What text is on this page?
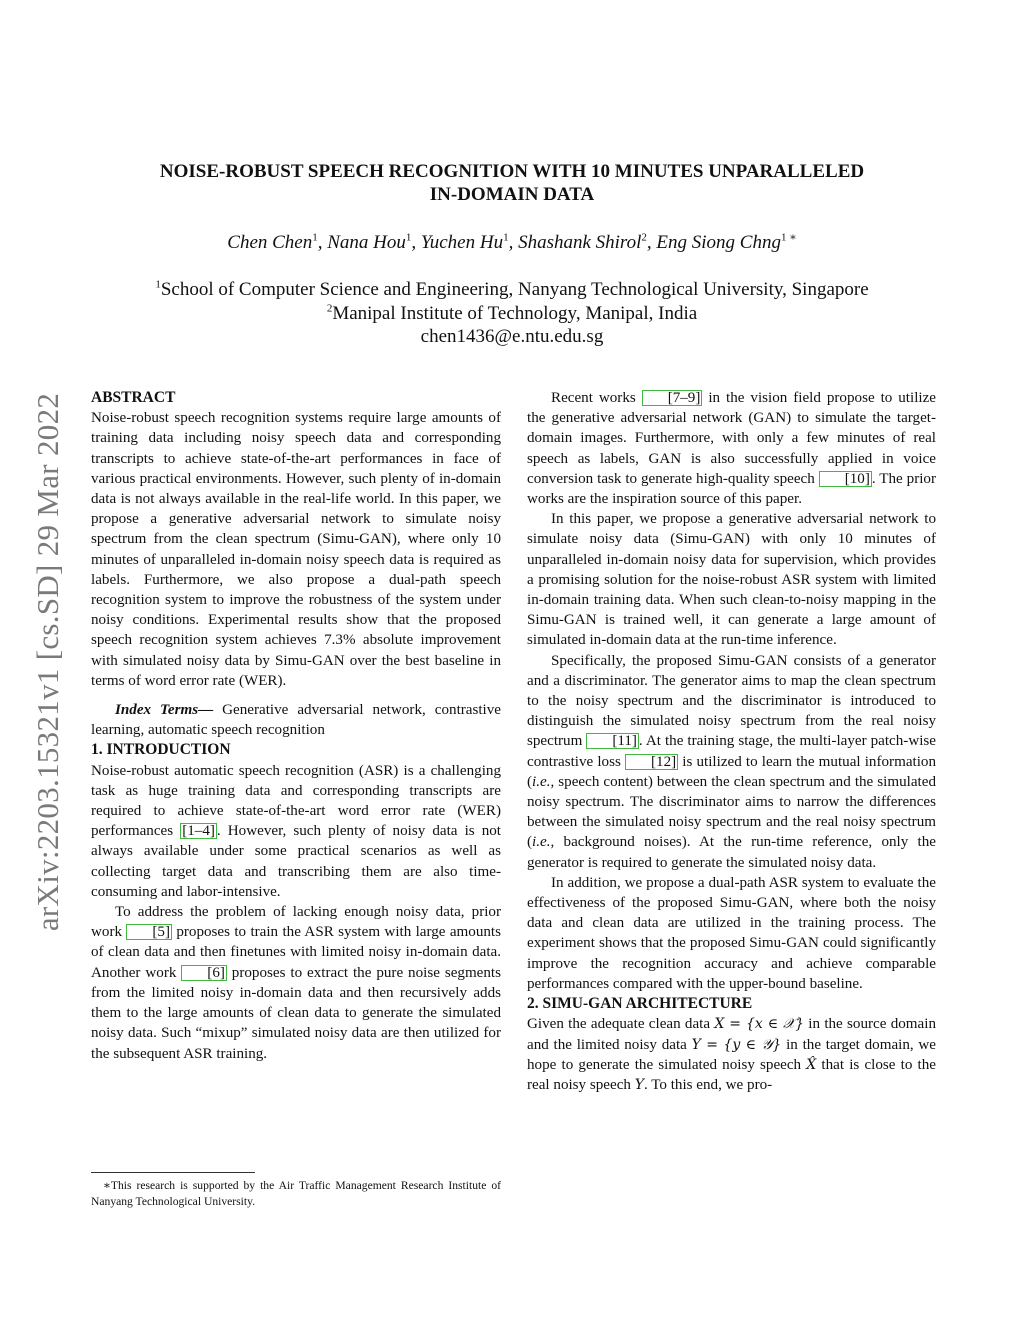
arXiv:2203.15321v1 [cs.SD] 29 Mar 2022
NOISE-ROBUST SPEECH RECOGNITION WITH 10 MINUTES UNPARALLELED
IN-DOMAIN DATA
Chen Chen$^1$, Nana Hou$^1$, Yuchen Hu$^1$, Shashank Shirol$^2$, Eng Siong Chng$^1$ ∗
$^1$School of Computer Science and Engineering, Nanyang Technological University, Singapore
$^2$Manipal Institute of Technology, Manipal, India
chen1436@e.ntu.edu.sg

ABSTRACT

Noise-robust speech recognition systems require large amounts of training data including noisy speech data and corresponding transcripts to achieve state-of-the-art performances in face of various practical environments. However, such plenty of in-domain data is not always available in the real-life world. In this paper, we propose a generative adversarial network to simulate noisy spectrum from the clean spectrum (Simu-GAN), where only 10 minutes of unparalleled in-domain noisy speech data is required as labels. Furthermore, we also propose a dual-path speech recognition system to improve the robustness of the system under noisy conditions. Experimental results show that the proposed speech recognition system achieves 7.3% absolute improvement with simulated noisy data by Simu-GAN over the best baseline in terms of word error rate (WER).

Index Terms— Generative adversarial network, contrastive learning, automatic speech recognition

1. INTRODUCTION

Noise-robust automatic speech recognition (ASR) is a challenging task as huge training data and corresponding transcripts are required to achieve state-of-the-art word error rate (WER) performances [1–4] . However, such plenty of noisy data is not always available under some practical scenarios as well as collecting target data and transcribing them are also time-consuming and labor-intensive.

To address the problem of lacking enough noisy data, prior work [5] proposes to train the ASR system with large amounts of clean data and then finetunes with limited noisy in-domain data. Another work [6] proposes to extract the pure noise segments from the limited noisy in-domain data and then recursively adds them to the large amounts of clean data to generate the simulated noisy data. Such “mixup” simulated noisy data are then utilized for the subsequent ASR training.

∗This research is supported by the Air Traffic Management Research Institute of Nanyang Technological University.

Recent works [7–9] in the vision field propose to utilize the generative adversarial network (GAN) to simulate the target-domain images. Furthermore, with only a few minutes of real speech as labels, GAN is also successfully applied in voice conversion task to generate high-quality speech [10] . The prior works are the inspiration source of this paper.

In this paper, we propose a generative adversarial network to simulate noisy data (Simu-GAN) with only 10 minutes of unparalleled in-domain noisy data for supervision, which provides a promising solution for the noise-robust ASR system with limited in-domain training data. When such clean-to-noisy mapping in the Simu-GAN is trained well, it can generate a large amount of simulated in-domain data at the run-time inference.

Specifically, the proposed Simu-GAN consists of a generator and a discriminator. The generator aims to map the clean spectrum to the noisy spectrum and the discriminator is introduced to distinguish the simulated noisy spectrum from the real noisy spectrum [11] . At the training stage, the multi-layer patch-wise contrastive loss [12] is utilized to learn the mutual information (i.e., speech content) between the clean spectrum and the simulated noisy spectrum. The discriminator aims to narrow the differences between the simulated noisy spectrum and the real noisy spectrum (i.e., background noises). At the run-time reference, only the generator is required to generate the simulated noisy data.

In addition, we propose a dual-path ASR system to evaluate the effectiveness of the proposed Simu-GAN, where both the noisy data and clean data are utilized in the training process. The experiment shows that the proposed Simu-GAN could significantly improve the recognition accuracy and achieve comparable performances compared with the upper-bound baseline.

2. SIMU-GAN ARCHITECTURE

Given the adequate clean data X = {x ∈ 𝒳} in the source domain and the limited noisy data Y = {y ∈ 𝒴} in the target domain, we hope to generate the simulated noisy speech X̂ that is close to the real noisy speech Y. To this end, we pro-
